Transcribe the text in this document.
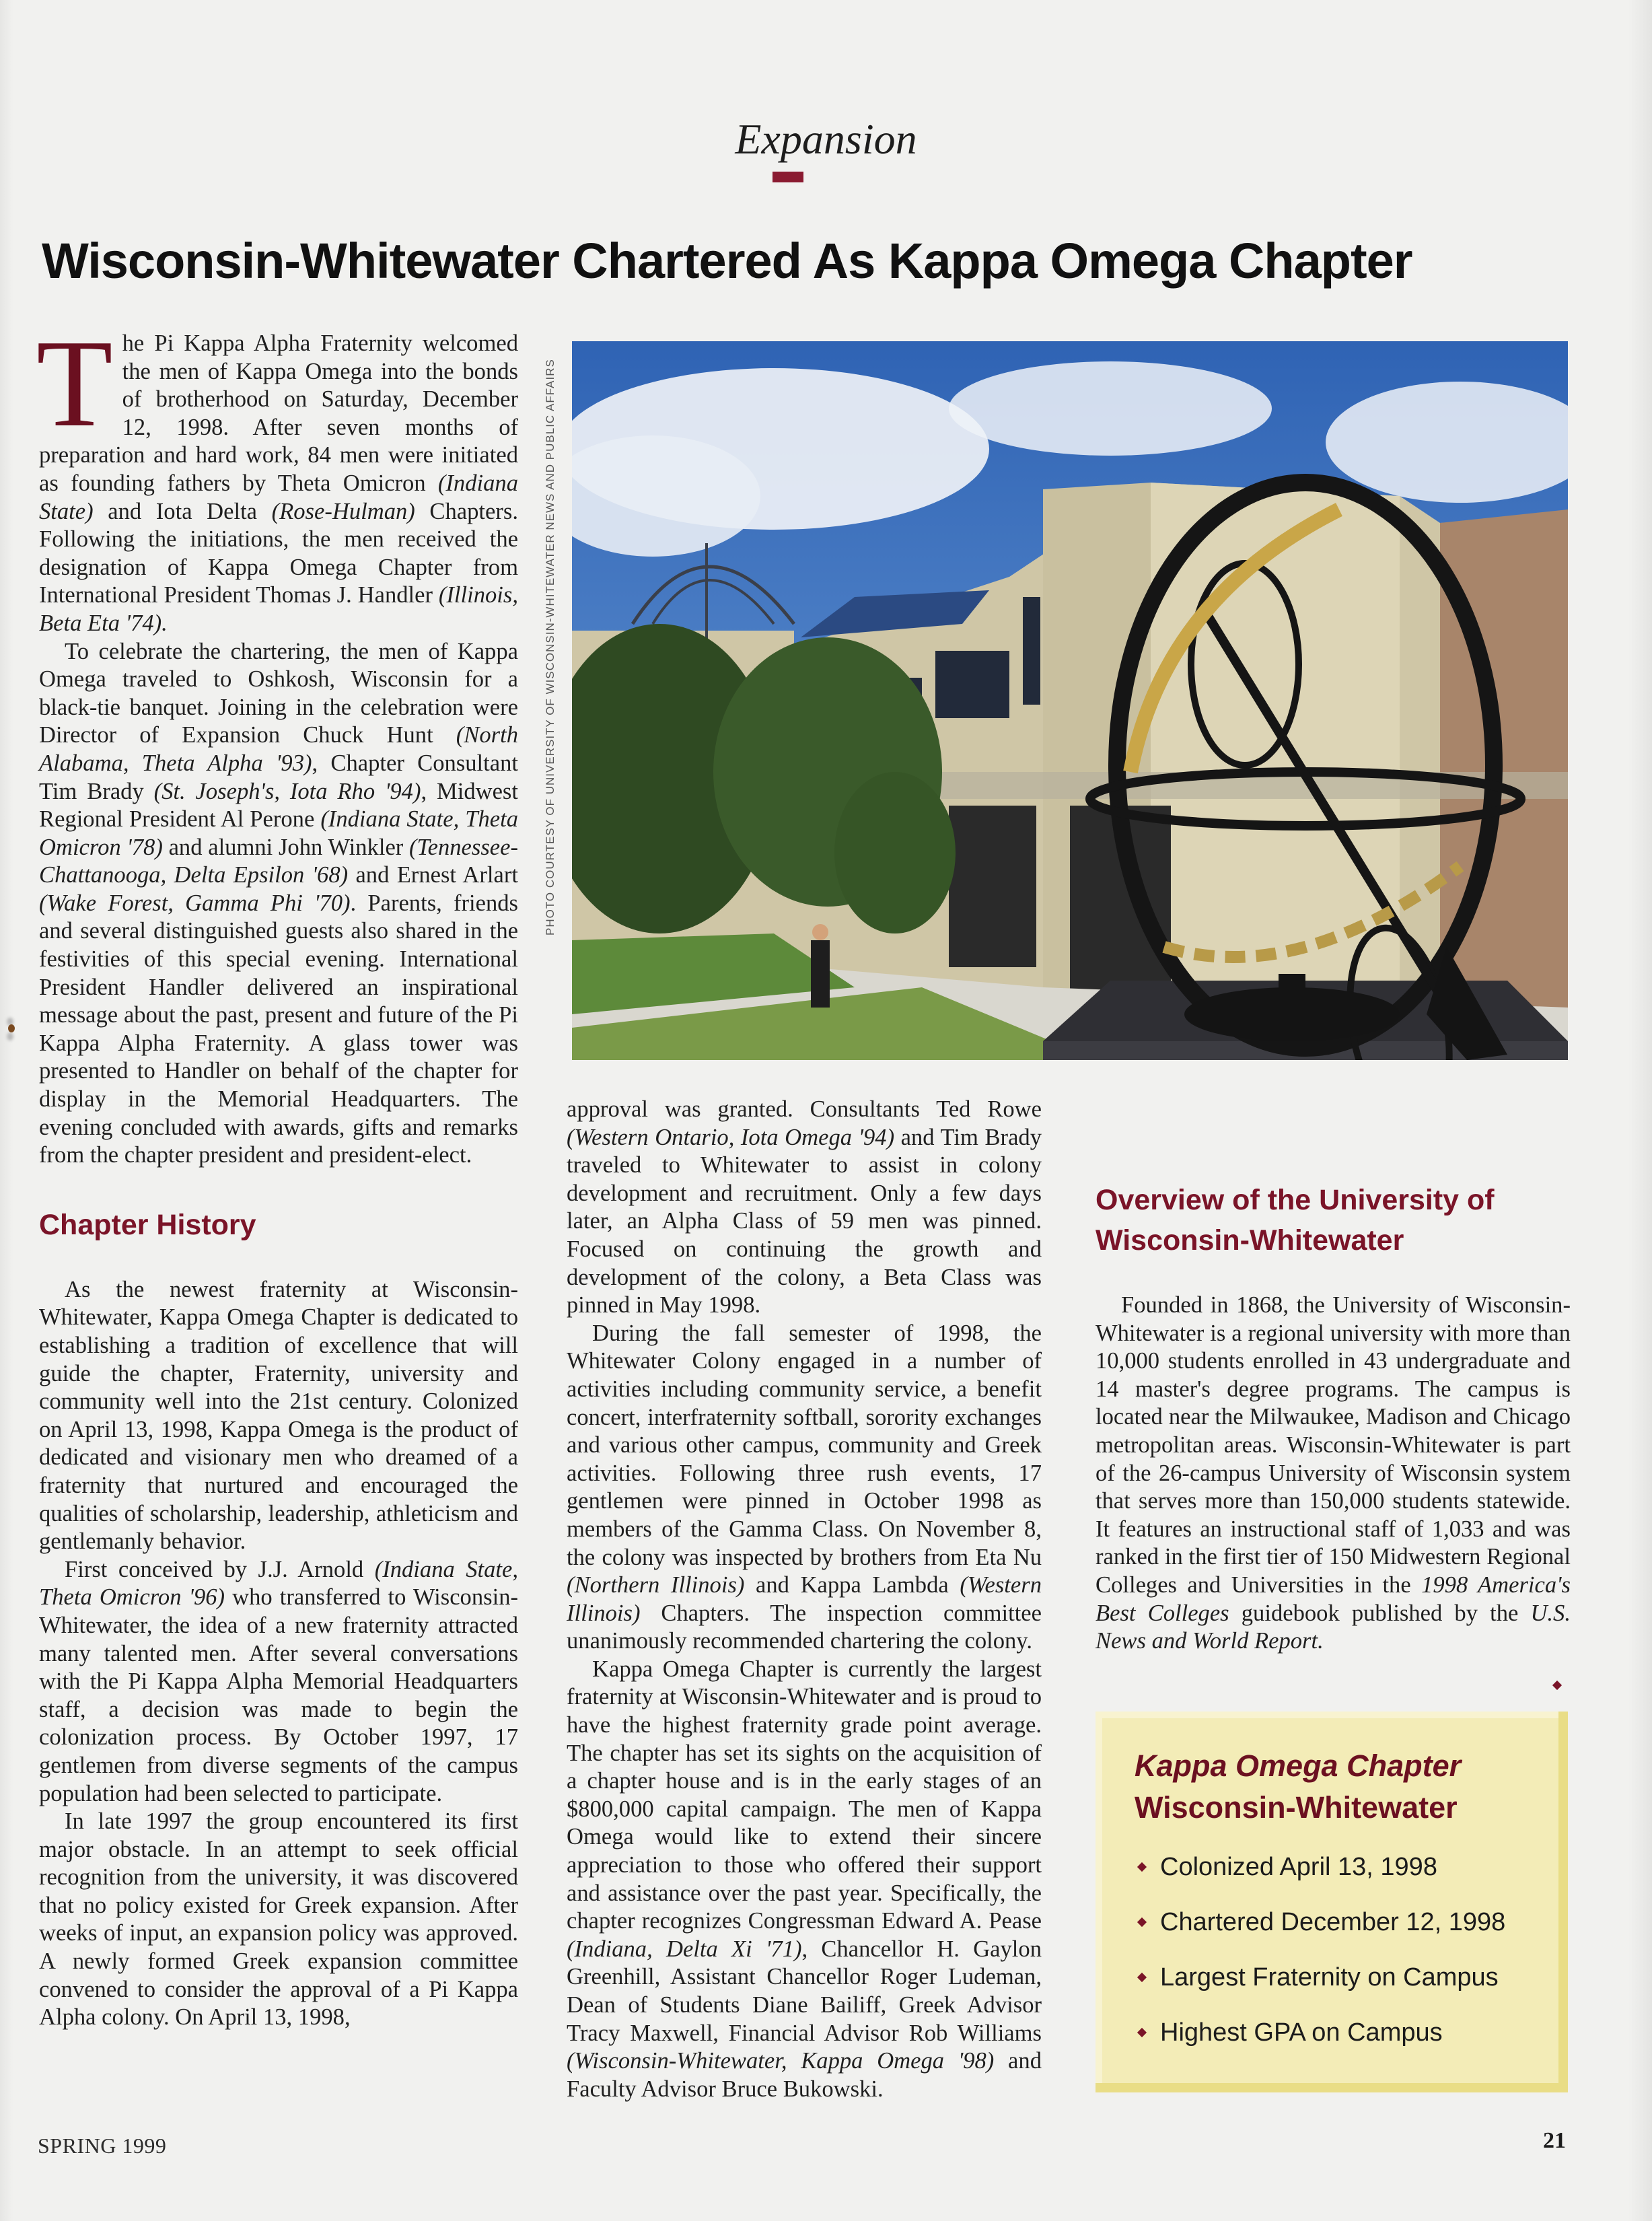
Expansion
Wisconsin-Whitewater Chartered As Kappa Omega Chapter

The Pi Kappa Alpha Fraternity welcomed the men of Kappa Omega into the bonds of brotherhood on Saturday, December 12, 1998. After seven months of preparation and hard work, 84 men were initiated as founding fathers by Theta Omicron (Indiana State) and Iota Delta (Rose-Hulman) Chapters. Following the initiations, the men received the designation of Kappa Omega Chapter from International President Thomas J. Handler (Illinois, Beta Eta '74).

To celebrate the chartering, the men of Kappa Omega traveled to Oshkosh, Wisconsin for a black-tie banquet. Joining in the celebration were Director of Expansion Chuck Hunt (North Alabama, Theta Alpha '93), Chapter Consultant Tim Brady (St. Joseph's, Iota Rho '94), Midwest Regional President Al Perone (Indiana State, Theta Omicron '78) and alumni John Winkler (Tennessee-Chattanooga, Delta Epsilon '68) and Ernest Arlart (Wake Forest, Gamma Phi '70). Parents, friends and several distinguished guests also shared in the festivities of this special evening. International President Handler delivered an inspirational message about the past, present and future of the Pi Kappa Alpha Fraternity. A glass tower was presented to Handler on behalf of the chapter for display in the Memorial Headquarters. The evening concluded with awards, gifts and remarks from the chapter president and president-elect.

Chapter History

As the newest fraternity at Wisconsin-Whitewater, Kappa Omega Chapter is dedicated to establishing a tradition of excellence that will guide the chapter, Fraternity, university and community well into the 21st century. Colonized on April 13, 1998, Kappa Omega is the product of dedicated and visionary men who dreamed of a fraternity that nurtured and encouraged the qualities of scholarship, leadership, athleticism and gentlemanly behavior.

First conceived by J.J. Arnold (Indiana State, Theta Omicron '96) who transferred to Wisconsin-Whitewater, the idea of a new fraternity attracted many talented men. After several conversations with the Pi Kappa Alpha Memorial Headquarters staff, a decision was made to begin the colonization process. By October 1997, 17 gentlemen from diverse segments of the campus population had been selected to participate.

In late 1997 the group encountered its first major obstacle. In an attempt to seek official recognition from the university, it was discovered that no policy existed for Greek expansion. After weeks of input, an expansion policy was approved. A newly formed Greek expansion committee convened to consider the approval of a Pi Kappa Alpha colony. On April 13, 1998,

PHOTO COURTESY OF UNIVERSITY OF WISCONSIN-WHITEWATER NEWS AND PUBLIC AFFAIRS

approval was granted. Consultants Ted Rowe (Western Ontario, Iota Omega '94) and Tim Brady traveled to Whitewater to assist in colony development and recruitment. Only a few days later, an Alpha Class of 59 men was pinned. Focused on continuing the growth and development of the colony, a Beta Class was pinned in May 1998.

During the fall semester of 1998, the Whitewater Colony engaged in a number of activities including community service, a benefit concert, interfraternity softball, sorority exchanges and various other campus, community and Greek activities. Following three rush events, 17 gentlemen were pinned in October 1998 as members of the Gamma Class. On November 8, the colony was inspected by brothers from Eta Nu (Northern Illinois) and Kappa Lambda (Western Illinois) Chapters. The inspection committee unanimously recommended chartering the colony.

Kappa Omega Chapter is currently the largest fraternity at Wisconsin-Whitewater and is proud to have the highest fraternity grade point average. The chapter has set its sights on the acquisition of a chapter house and is in the early stages of an $800,000 capital campaign. The men of Kappa Omega would like to extend their sincere appreciation to those who offered their support and assistance over the past year. Specifically, the chapter recognizes Congressman Edward A. Pease (Indiana, Delta Xi '71), Chancellor H. Gaylon Greenhill, Assistant Chancellor Roger Ludeman, Dean of Students Diane Bailiff, Greek Advisor Tracy Maxwell, Financial Advisor Rob Williams (Wisconsin-Whitewater, Kappa Omega '98) and Faculty Advisor Bruce Bukowski.

Overview of the University of Wisconsin-Whitewater

Founded in 1868, the University of Wisconsin-Whitewater is a regional university with more than 10,000 students enrolled in 43 undergraduate and 14 master's degree programs. The campus is located near the Milwaukee, Madison and Chicago metropolitan areas. Wisconsin-Whitewater is part of the 26-campus University of Wisconsin system that serves more than 150,000 students statewide. It features an instructional staff of 1,033 and was ranked in the first tier of 150 Midwestern Regional Colleges and Universities in the 1998 America's Best Colleges guidebook published by the U.S. News and World Report.

Kappa Omega Chapter
Wisconsin-Whitewater
Colonized April 13, 1998
Chartered December 12, 1998
Largest Fraternity on Campus
Highest GPA on Campus
SPRING 1999	21
